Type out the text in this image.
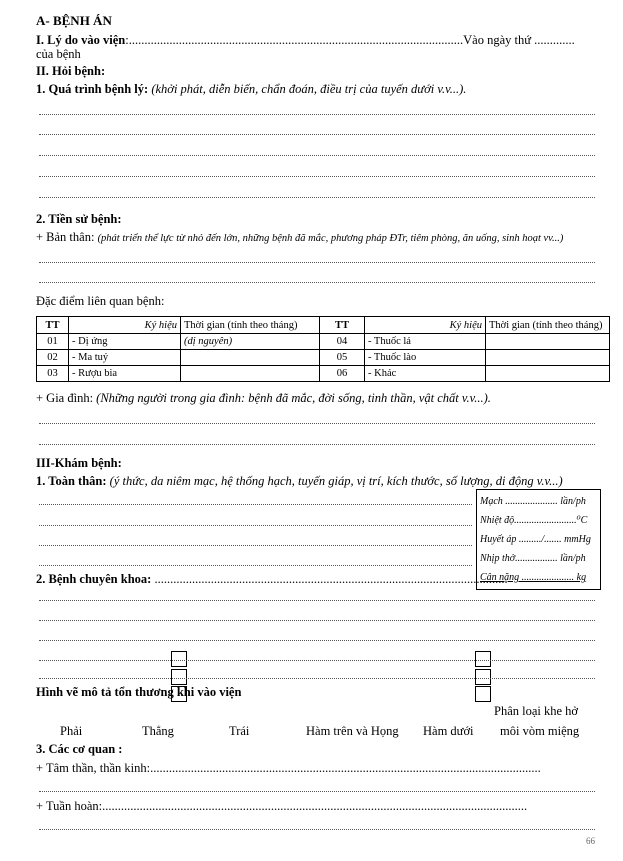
A- BỆNH ÁN
I. Lý do vào viện:...........................................................................................................Vào ngày thứ .............
của bệnh
II. Hỏi bệnh:
1. Quá trình bệnh lý: (khởi phát, diễn biến, chẩn đoán, điều trị của tuyến dưới v.v...).
2. Tiền sử bệnh:
+ Bản thân: (phát triển thể lực từ nhỏ đến lớn, những bệnh đã mắc, phương pháp ĐTr, tiêm phòng, ăn uống, sinh hoạt vv...)
Đặc điểm liên quan bệnh:
TT	Ký hiệu	Thời gian (tính theo tháng)	TT	Ký hiệu	Thời gian (tính theo tháng)
01	- Dị ứng	(dị nguyên)	04	- Thuốc lá

02	- Ma tuý		05	- Thuốc lào

03	- Rượu bia		06	- Khác

+ Gia đình: (Những người trong gia đình: bệnh đã mắc, đời sống, tinh thần, vật chất v.v...).
III-Khám bệnh:
1. Toàn thân: (ý thức, da niêm mạc, hệ thống hạch, tuyến giáp, vị trí, kích thước, số lượng, di động v.v...)
Mạch ..................... lần/ph
Nhiệt độ.........................⁰C
Huyết áp ........./....... mmHg
Nhịp thở................. lần/ph
Cân nặng ..................... kg
2. Bệnh chuyên khoa: .................................................................................................................
Hình vẽ mô tả tổn thương khi vào viện
Phân loại khe hở
Phải	Thẳng	Trái	Hàm trên và Họng Hàm dưới môi vòm miệng
3. Các cơ quan :
+ Tâm thần, thần kinh:.............................................................................................................................
+ Tuần hoàn:........................................................................................................................................
66
